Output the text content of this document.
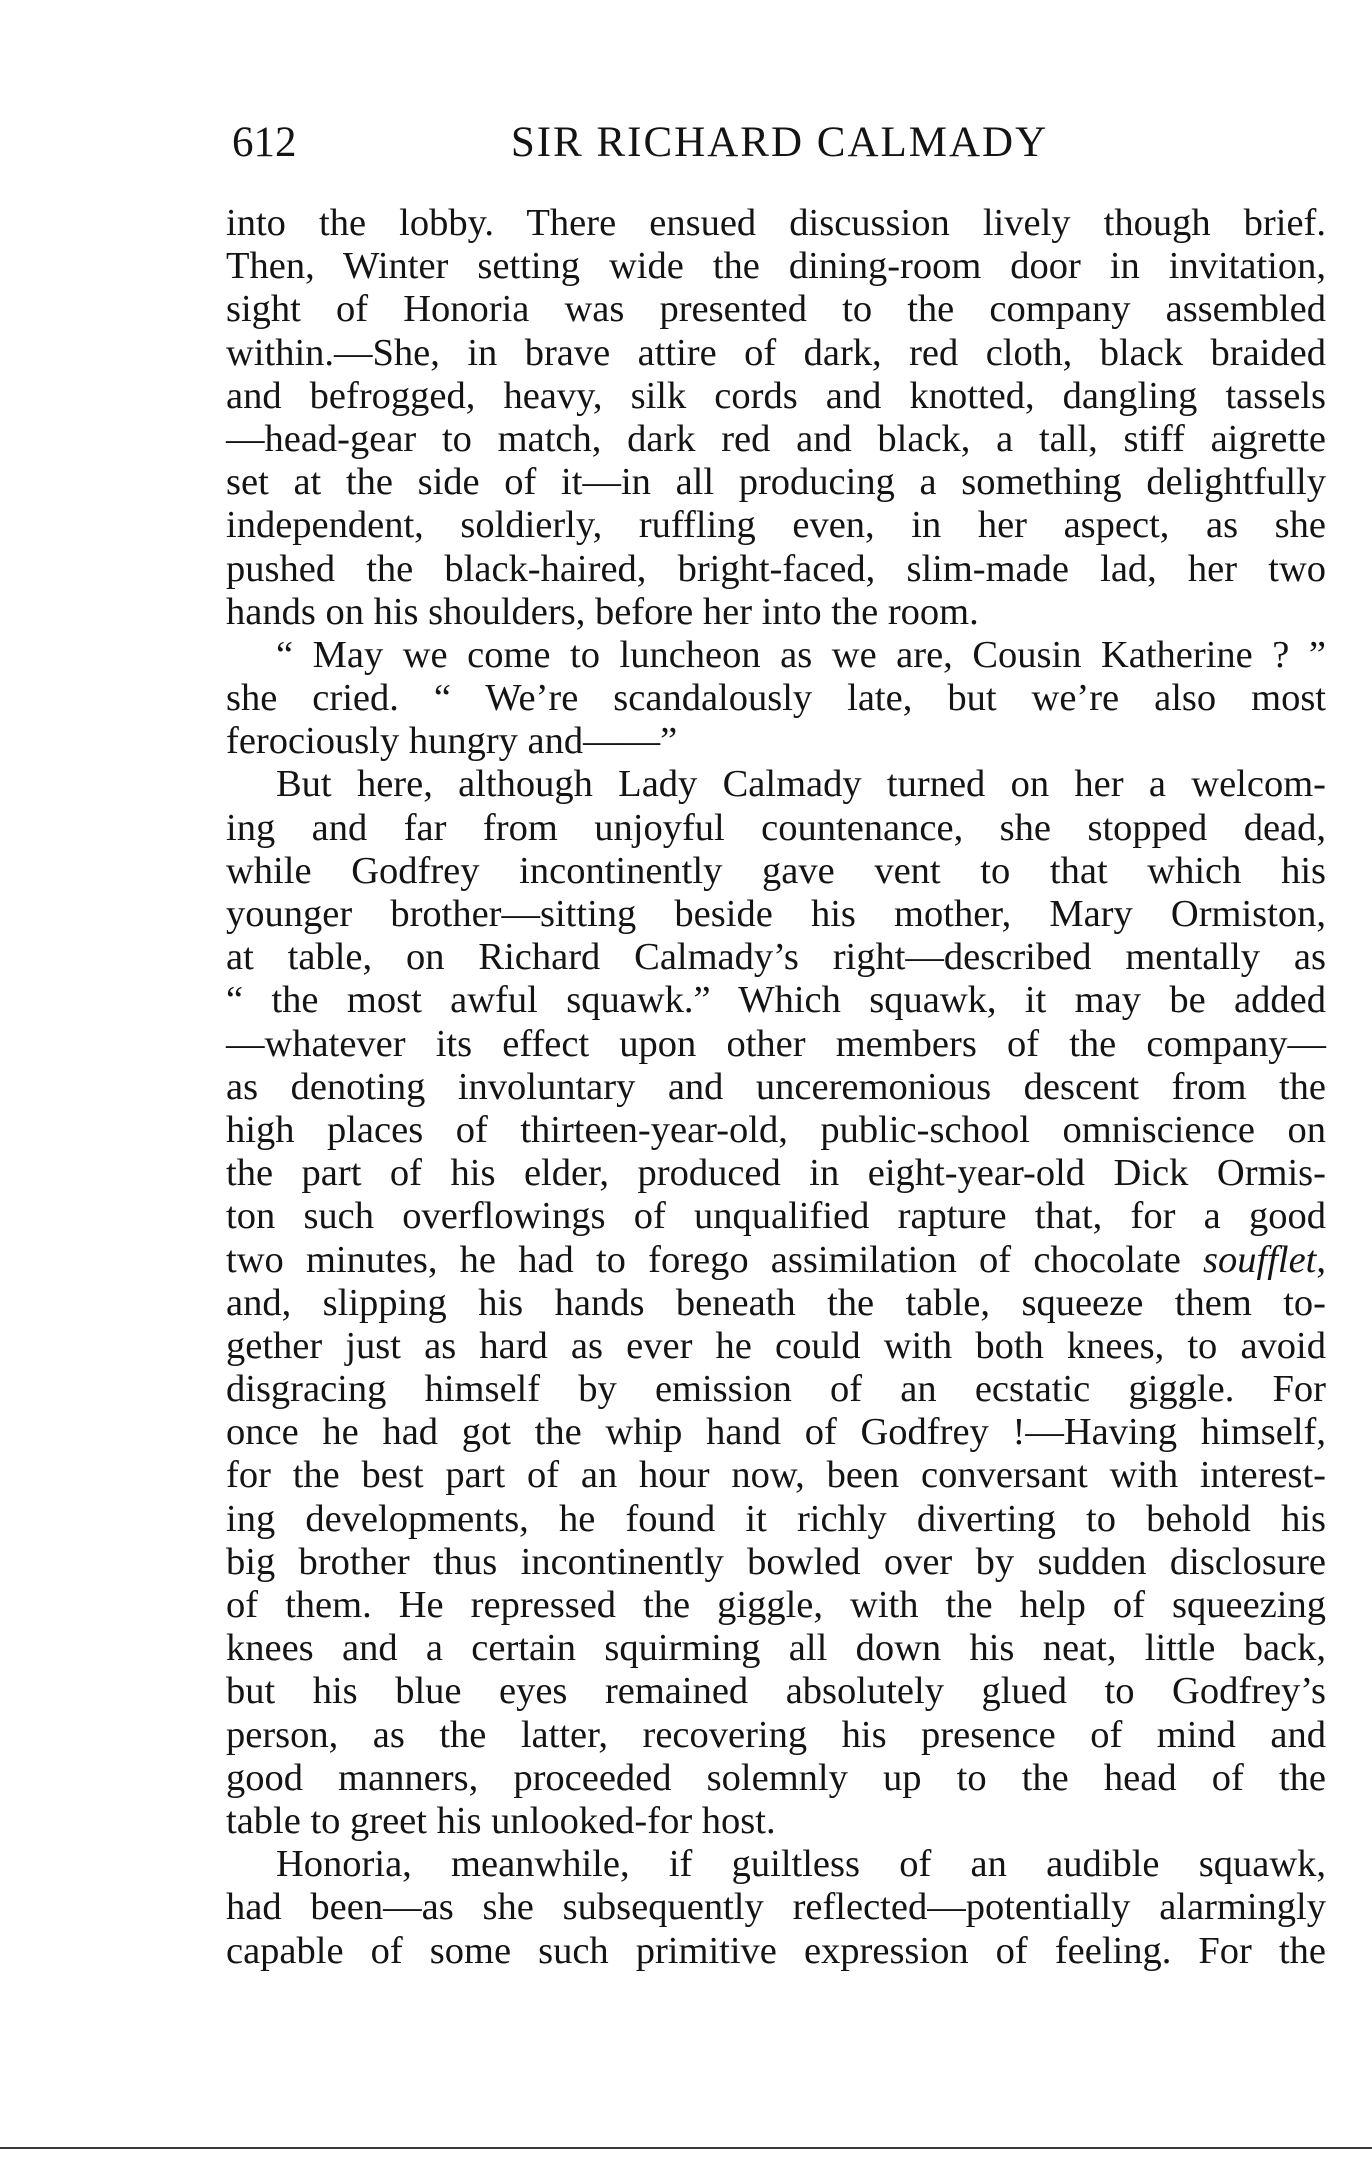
612	SIR RICHARD CALMADY
into the lobby. There ensued discussion lively though brief.
Then, Winter setting wide the dining-room door in invitation,
sight of Honoria was presented to the company assembled
within.—She, in brave attire of dark, red cloth, black braided
and befrogged, heavy, silk cords and knotted, dangling tassels
—head-gear to match, dark red and black, a tall, stiff aigrette
set at the side of it—in all producing a something delightfully
independent, soldierly, ruffling even, in her aspect, as she
pushed the black-haired, bright-faced, slim-made lad, her two
hands on his shoulders, before her into the room.
“ May we come to luncheon as we are, Cousin Katherine ? ”
she cried. “ We’re scandalously late, but we’re also most
ferociously hungry and——”
But here, although Lady Calmady turned on her a welcom-
ing and far from unjoyful countenance, she stopped dead,
while Godfrey incontinently gave vent to that which his
younger brother—sitting beside his mother, Mary Ormiston,
at table, on Richard Calmady’s right—described mentally as
“ the most awful squawk.” Which squawk, it may be added
—whatever its effect upon other members of the company—
as denoting involuntary and unceremonious descent from the
high places of thirteen-year-old, public-school omniscience on
the part of his elder, produced in eight-year-old Dick Ormis-
ton such overflowings of unqualified rapture that, for a good
two minutes, he had to forego assimilation of chocolate soufflet,
and, slipping his hands beneath the table, squeeze them to-
gether just as hard as ever he could with both knees, to avoid
disgracing himself by emission of an ecstatic giggle. For
once he had got the whip hand of Godfrey !—Having himself,
for the best part of an hour now, been conversant with interest-
ing developments, he found it richly diverting to behold his
big brother thus incontinently bowled over by sudden disclosure
of them. He repressed the giggle, with the help of squeezing
knees and a certain squirming all down his neat, little back,
but his blue eyes remained absolutely glued to Godfrey’s
person, as the latter, recovering his presence of mind and
good manners, proceeded solemnly up to the head of the
table to greet his unlooked-for host.
Honoria, meanwhile, if guiltless of an audible squawk,
had been—as she subsequently reflected—potentially alarmingly
capable of some such primitive expression of feeling. For the
